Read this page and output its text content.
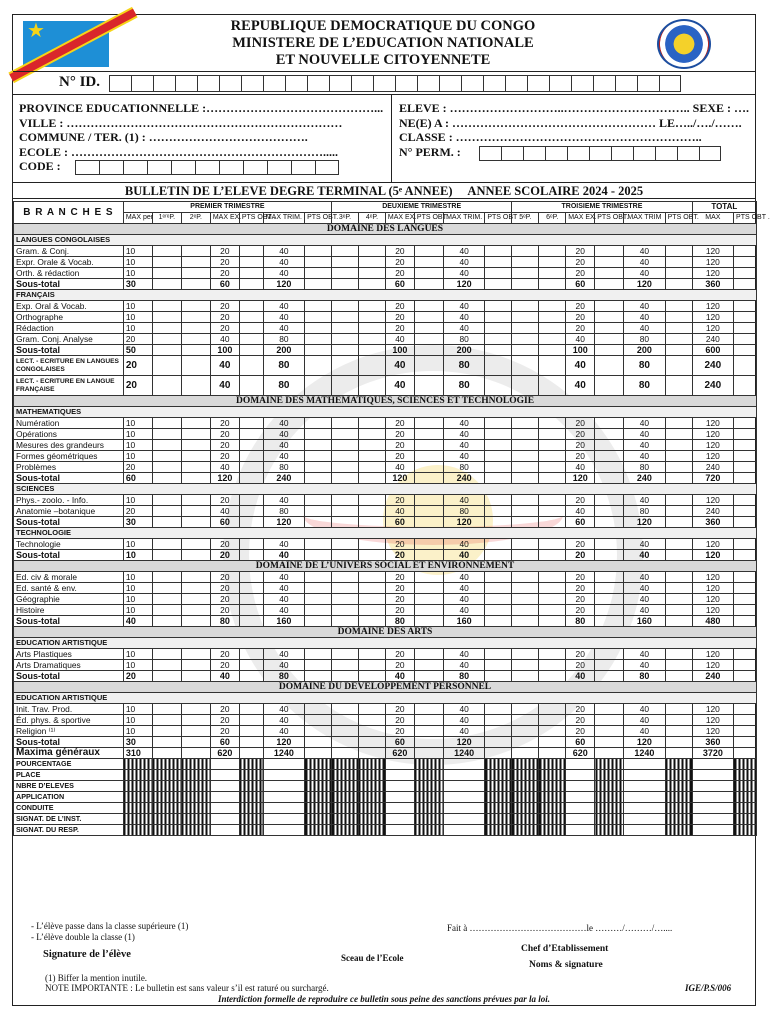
★	REPUBLIQUE DEMOCRATIQUE DU CONGO
MINISTERE DE L’EDUCATION NATIONALE
ET NOUVELLE CITOYENNETE
N° ID.
PROVINCE EDUCATIONNELLE :……………………………………...
VILLE : ……………………………………………………………
COMMUNE / TER. (1) : ………………………………….
ECOLE : ……………………………………………………….....
CODE :
ELEVE : ………………………..………………………….. SEXE : ….
NE(E) A : …………………………………………… LE…../…./…….
CLASSE : ……………………………………………………..
N° PERM. :
BULLETIN DE L’ELEVE DEGRE TERMINAL (5ᵉ ANNEE) ANNEE SCOLAIRE 2024 - 2025
B R A N C H E S	PREMIER TRIMESTRE							DEUXIEME TRIMESTRE						TROISIEME TRIMESTRE						TOTAL	
	MAX per	1ᵉʳᵉP.	2ᵉP.	MAX EX.	PTS OBT .	MAX TRIM.	PTS OBT.	3ᵉP.	4ᵉP.	MAX EX.	PTS OBT.	MAX TRIM.	PTS OBT .	5ᵉP.	6ᵉP.	MAX EX.	PTS OBT.	MAX TRIM	PTS OBT.	MAX	PTS OBT .
DOMAINE DES LANGUES																					
LANGUES CONGOLAISES																					
Gram. & Conj.	10			20		40				20		40				20		40		120	
Expr. Orale & Vocab.	10			20		40				20		40				20		40		120	
Orth. & rédaction	10			20		40				20		40				20		40		120	
Sous-total	30			60		120				60		120				60		120		360	
FRANÇAIS																					
Exp. Oral & Vocab.	10			20		40				20		40				20		40		120	
Orthographe	10			20		40				20		40				20		40		120	
Rédaction	10			20		40				20		40				20		40		120	
Gram. Conj. Analyse	20			40		80				40		80				40		80		240	
Sous-total	50			100		200				100		200				100		200		600	
LECT. - ECRITURE EN LANGUES CONGOLAISES	20			40		80				40		80				40		80		240	
LECT. - ECRITURE EN LANGUE FRANÇAISE	20			40		80				40		80				40		80		240	
DOMAINE DES MATHEMATIQUES, SCIENCES ET TECHNOLOGIE																					
MATHEMATIQUES																					
Numération	10			20		40				20		40				20		40		120	
Opérations	10			20		40				20		40				20		40		120	
Mesures des grandeurs	10			20		40				20		40				20		40		120	
Formes géométriques	10			20		40				20		40				20		40		120	
Problèmes	20			40		80				40		80				40		80		240	
Sous-total	60			120		240				120		240				120		240		720	
SCIENCES																					
Phys.- zoolo. - Info.	10			20		40				20		40				20		40		120	
Anatomie –botanique	20			40		80				40		80				40		80		240	
Sous-total	30			60		120				60		120				60		120		360	
TECHNOLOGIE																					
Technologie	10			20		40				20		40				20		40		120	
Sous-total	10			20		40				20		40				20		40		120	
DOMAINE DE L’UNIVERS SOCIAL ET ENVIRONNEMENT																					
Ed. civ & morale	10			20		40				20		40				20		40		120	
Ed. santé & env.	10			20		40				20		40				20		40		120	
Géographie	10			20		40				20		40				20		40		120	
Histoire	10			20		40				20		40				20		40		120	
Sous-total	40			80		160				80		160				80		160		480	
DOMAINE DES ARTS																					
EDUCATION ARTISTIQUE																					
Arts Plastiques	10			20		40				20		40				20		40		120	
Arts Dramatiques	10			20		40				20		40				20		40		120	
Sous-total	20			40		80				40		80				40		80		240	
DOMAINE DU DEVELOPPEMENT PERSONNEL																					
EDUCATION ARTISTIQUE																					
Init. Trav. Prod.	10			20		40				20		40				20		40		120	
Éd. phys. & sportive	10			20		40				20		40				20		40		120	
Religion ⁽¹⁾	10			20		40				20		40				20		40		120	
Sous-total	30			60		120				60		120				60		120		360	
Maxima généraux	310			620		1240				620		1240				620		1240		3720	
POURCENTAGE																					
PLACE																					
NBRE D’ELEVES																					
APPLICATION																					
CONDUITE																					
SIGNAT. DE L’INST.																					
SIGNAT. DU RESP.																					
- L’élève passe dans la classe supérieure (1)
- L’élève double la classe (1)
Fait à …………………………………le ………/………/…....
Signature de l’élève	Sceau de l’Ecole
Chef d’Etablissement
Noms & signature
(1) Biffer la mention inutile.
NOTE IMPORTANTE : Le bulletin est sans valeur s’il est raturé ou surchargé.	IGE/P.S/006
Interdiction formelle de reproduire ce bulletin sous peine des sanctions prévues par la loi.
